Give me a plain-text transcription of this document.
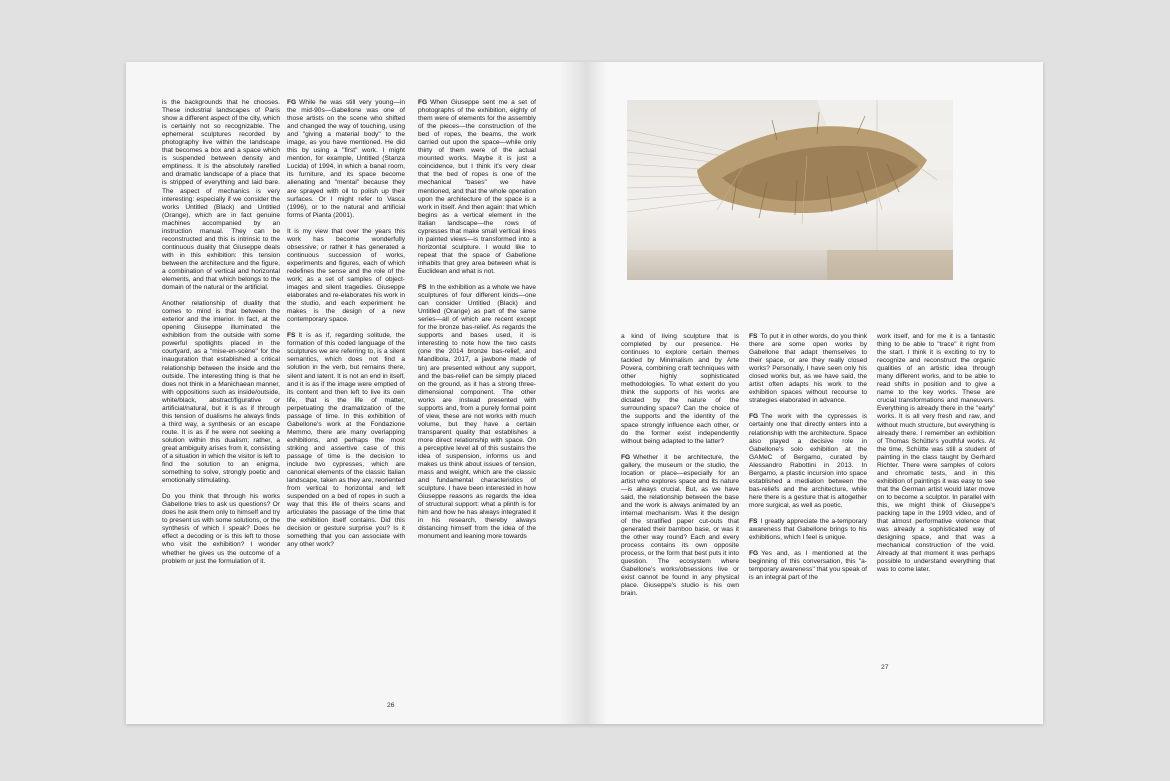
is the backgrounds that he chooses. These industrial landscapes of Paris show a different aspect of the city, which is certainly not so recognizable. The ephemeral sculptures recorded by photography live within the landscape that becomes a box and a space which is suspended between density and emptiness. It is the absolutely rarefied and dramatic landscape of a place that is stripped of everything and laid bare. The aspect of mechanics is very interesting: especially if we consider the works Untitled (Black) and Untitled (Orange), which are in fact genuine machines accompanied by an instruction manual. They can be reconstructed and this is intrinsic to the continuous duality that Giuseppe deals with in this exhibition: this tension between the architecture and the figure, a combination of vertical and horizontal elements, and that which belongs to the domain of the natural or the artificial.

Another relationship of duality that comes to mind is that between the exterior and the interior. In fact, at the opening Giuseppe illuminated the exhibition from the outside with some powerful spotlights placed in the courtyard, as a "mise-en-scène" for the inauguration that established a critical relationship between the inside and the outside. The interesting thing is that he does not think in a Manichaean manner, with oppositions such as inside/outside, white/black, abstract/figurative or artificial/natural, but it is as if through this tension of dualisms he always finds a third way, a synthesis or an escape route. It is as if he were not seeking a solution within this dualism; rather, a great ambiguity arises from it, consisting of a situation in which the visitor is left to find the solution to an enigma, something to solve, strongly poetic and emotionally stimulating.

Do you think that through his works Gabellone tries to ask us questions? Or does he ask them only to himself and try to present us with some solutions, or the synthesis of which I speak? Does he effect a decoding or is this left to those who visit the exhibition? I wonder whether he gives us the outcome of a problem or just the formulation of it.

FG While he was still very young—in the mid-90s—Gabellone was one of those artists on the scene who shifted and changed the way of touching, using and "giving a material body" to the image, as you have mentioned. He did this by using a "first" work. I might mention, for example, Untitled (Stanza Lucida) of 1994, in which a banal room, its furniture, and its space become alienating and "mental" because they are sprayed with oil to polish up their surfaces. Or I might refer to Vasca (1996), or to the natural and artificial forms of Pianta (2001).

It is my view that over the years this work has become wonderfully obsessive; or rather it has generated a continuous succession of works, experiments and figures, each of which redefines the sense and the role of the work; as a set of samples of object-images and silent tragedies. Giuseppe elaborates and re-elaborates his work in the studio, and each experiment he makes is the design of a new contemporary space.

FS It is as if, regarding solitude, the formation of this coded language of the sculptures we are referring to, is a silent semantics, which does not find a solution in the verb, but remains there, silent and latent. It is not an end in itself, and it is as if the image were emptied of its content and then left to live its own life, that is the life of matter, perpetuating the dramatization of the passage of time. In this exhibition of Gabellone's work at the Fondazione Memmo, there are many overlapping exhibitions, and perhaps the most striking and assertive case of this passage of time is the decision to include two cypresses, which are canonical elements of the classic Italian landscape, taken as they are, reoriented from vertical to horizontal and left suspended on a bed of ropes in such a way that this life of theirs scans and articulates the passage of the time that the exhibition itself contains. Did this decision or gesture surprise you? Is it something that you can associate with any other work?

FG When Giuseppe sent me a set of photographs of the exhibition, eighty of them were of elements for the assembly of the pieces—the construction of the bed of ropes, the beams, the work carried out upon the space—while only thirty of them were of the actual mounted works. Maybe it is just a coincidence, but I think it's very clear that the bed of ropes is one of the mechanical "bases" we have mentioned, and that the whole operation upon the architecture of the space is a work in itself. And then again: that which begins as a vertical element in the Italian landscape—the rows of cypresses that make small vertical lines in painted views—is transformed into a horizontal sculpture. I would like to repeat that the space of Gabellone inhabits that grey area between what is Euclidean and what is not.

FS In the exhibition as a whole we have sculptures of four different kinds—one can consider Untitled (Black) and Untitled (Orange) as part of the same series—all of which are recent except for the bronze bas-relief. As regards the supports and bases used, it is interesting to note how the two casts (one the 2014 bronze bas-relief, and Mandibola, 2017, a jawbone made of tin) are presented without any support, and the bas-relief can be simply placed on the ground, as it has a strong three-dimensional component. The other works are instead presented with supports and, from a purely formal point of view, these are not works with much volume, but they have a certain transparent quality that establishes a more direct relationship with space. On a perceptive level all of this sustains the idea of suspension, informs us and makes us think about issues of tension, mass and weight, which are the classic and fundamental characteristics of sculpture. I have been interested in how Giuseppe reasons as regards the idea of structural support: what a plinth is for him and how he has always integrated it in his research, thereby always distancing himself from the idea of the monument and leaning more towards

26

a kind of living sculpture that is completed by our presence. He continues to explore certain themes tackled by Minimalism and by Arte Povera, combining craft techniques with other highly sophisticated methodologies. To what extent do you think the supports of his works are dictated by the nature of the surrounding space? Can the choice of the supports and the identity of the space strongly influence each other, or do the former exist independently without being adapted to the latter?

FG Whether it be architecture, the gallery, the museum or the studio, the location or place—especially for an artist who explores space and its nature—is always crucial. But, as we have said, the relationship between the base and the work is always animated by an internal mechanism. Was it the design of the stratified paper cut-outs that generated their bamboo base, or was it the other way round? Each and every process contains its own opposite process, or the form that best puts it into question. The ecosystem where Gabellone's works/obsessions live or exist cannot be found in any physical place. Giuseppe's studio is his own brain.

FS To put it in other words, do you think there are some open works by Gabellone that adapt themselves to their space, or are they really closed works? Personally, I have seen only his closed works but, as we have said, the artist often adapts his work to the exhibition spaces without recourse to strategies elaborated in advance.

FG The work with the cypresses is certainly one that directly enters into a relationship with the architecture. Space also played a decisive role in Gabellone's solo exhibition at the GAMeC of Bergamo, curated by Alessandro Rabottini in 2013. In Bergamo, a plastic incursion into space established a mediation between the bas-reliefs and the architecture, while here there is a gesture that is altogether more surgical, as well as poetic.

FS I greatly appreciate the a-temporary awareness that Gabellone brings to his exhibitions, which I feel is unique.

FG Yes and, as I mentioned at the beginning of this conversation, this "a-temporary awareness" that you speak of is an integral part of the

work itself, and for me it is a fantastic thing to be able to "trace" it right from the start. I think it is exciting to try to recognize and reconstruct the organic qualities of an artistic idea through many different works, and to be able to read shifts in position and to give a name to the key works. These are crucial transformations and maneuvers. Everything is already there in the "early" works. It is all very fresh and raw, and without much structure, but everything is already there. I remember an exhibition of Thomas Schütte's youthful works. At the time, Schütte was still a student of painting in the class taught by Gerhard Richter. There were samples of colors and chromatic tests, and in this exhibition of paintings it was easy to see that the German artist would later move on to become a sculptor. In parallel with this, we might think of Giuseppe's packing tape in the 1993 video, and of that almost performative violence that was already a sophisticated way of designing space, and that was a mechanical construction of the void. Already at that moment it was perhaps possible to understand everything that was to come later.

27
